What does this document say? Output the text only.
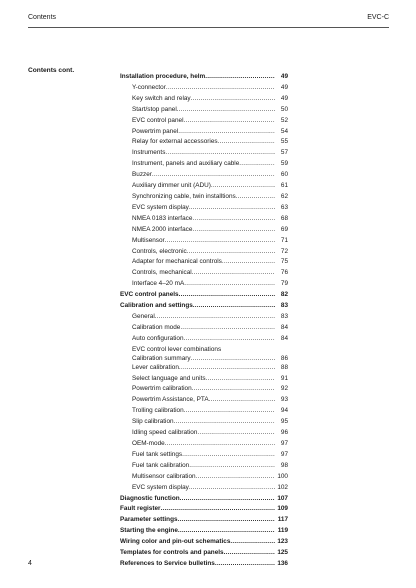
Contents	EVC-C
Contents cont.
Installation procedure, helm .....	49
Y-connector .....	49
Key switch and relay .....	49
Start/stop panel .....	50
EVC control panel .....	52
Powertrim panel .....	54
Relay for external accessories .....	55
Instruments .....	57
Instrument, panels and auxiliary cable .....	59
Buzzer .....	60
Auxiliary dimmer unit (ADU) .....	61
Synchronizing cable, twin installtions .....	62
EVC system display .....	63
NMEA 0183 interface .....	68
NMEA 2000 interface .....	69
Multisensor .....	71
Controls, electronic .....	72
Adapter for mechanical controls .....	75
Controls, mechanical .....	76
Interface 4–20 mA .....	79
EVC control panels .....	82
Calibration and settings .....	83
General .....	83
Calibration mode .....	84
Auto configuration .....	84
EVC control lever combinations
Calibration summary .....	86
Lever calibration .....	88
Select language and units .....	91
Powertrim calibration .....	92
Powertrim Assistance, PTA .....	93
Trolling calibration .....	94
Slip calibration .....	95
Idling speed calibration .....	96
OEM-mode .....	97
Fuel tank settings .....	97
Fuel tank calibration .....	98
Multisensor calibration .....	100
EVC system display .....	102
Diagnostic function .....	107
Fault register .....	109
Parameter settings .....	117
Starting the engine .....	119
Wiring color and pin-out schematics .....	123
Templates for controls and panels .....	125
References to Service bulletins .....	136
4
